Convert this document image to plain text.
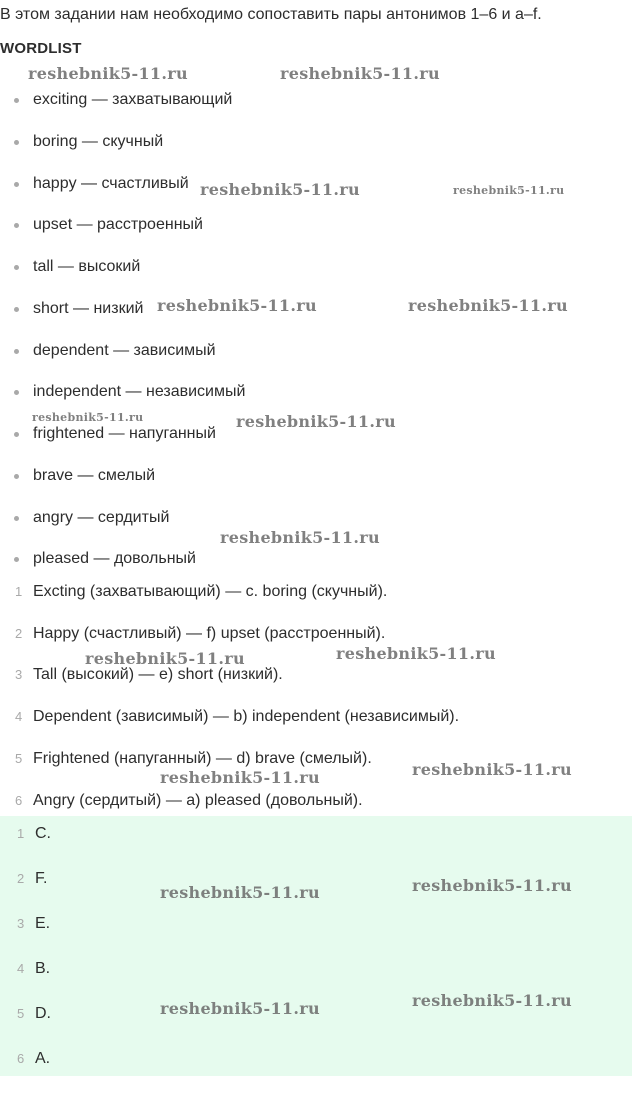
В этом задании нам необходимо сопоставить пары антонимов 1–6 и a–f.
WORDLIST
exciting — захватывающий
boring — скучный
happy — счастливый
upset — расстроенный
tall — высокий
short — низкий
dependent — зависимый
independent — независимый
frightened — напуганный
brave — смелый
angry — сердитый
pleased — довольный
1 Excting (захватывающий) — c. boring (скучный).
2 Happy (счастливый) — f) upset (расстроенный).
3 Tall (высокий) — e) short (низкий).
4 Dependent (зависимый) — b) independent (независимый).
5 Frightened (напуганный) — d) brave (смелый).
6 Angry (сердитый) — a) pleased (довольный).
1 C.
2 F.
3 E.
4 B.
5 D.
6 A.
reshebnik5-11.ru	reshebnik5-11.ru
reshebnik5-11.ru	reshebnik5-11.ru
reshebnik5-11.ru	reshebnik5-11.ru
reshebnik5-11.ru	reshebnik5-11.ru
reshebnik5-11.ru
reshebnik5-11.ru	reshebnik5-11.ru
reshebnik5-11.ru	reshebnik5-11.ru
reshebnik5-11.ru	reshebnik5-11.ru
reshebnik5-11.ru	reshebnik5-11.ru
